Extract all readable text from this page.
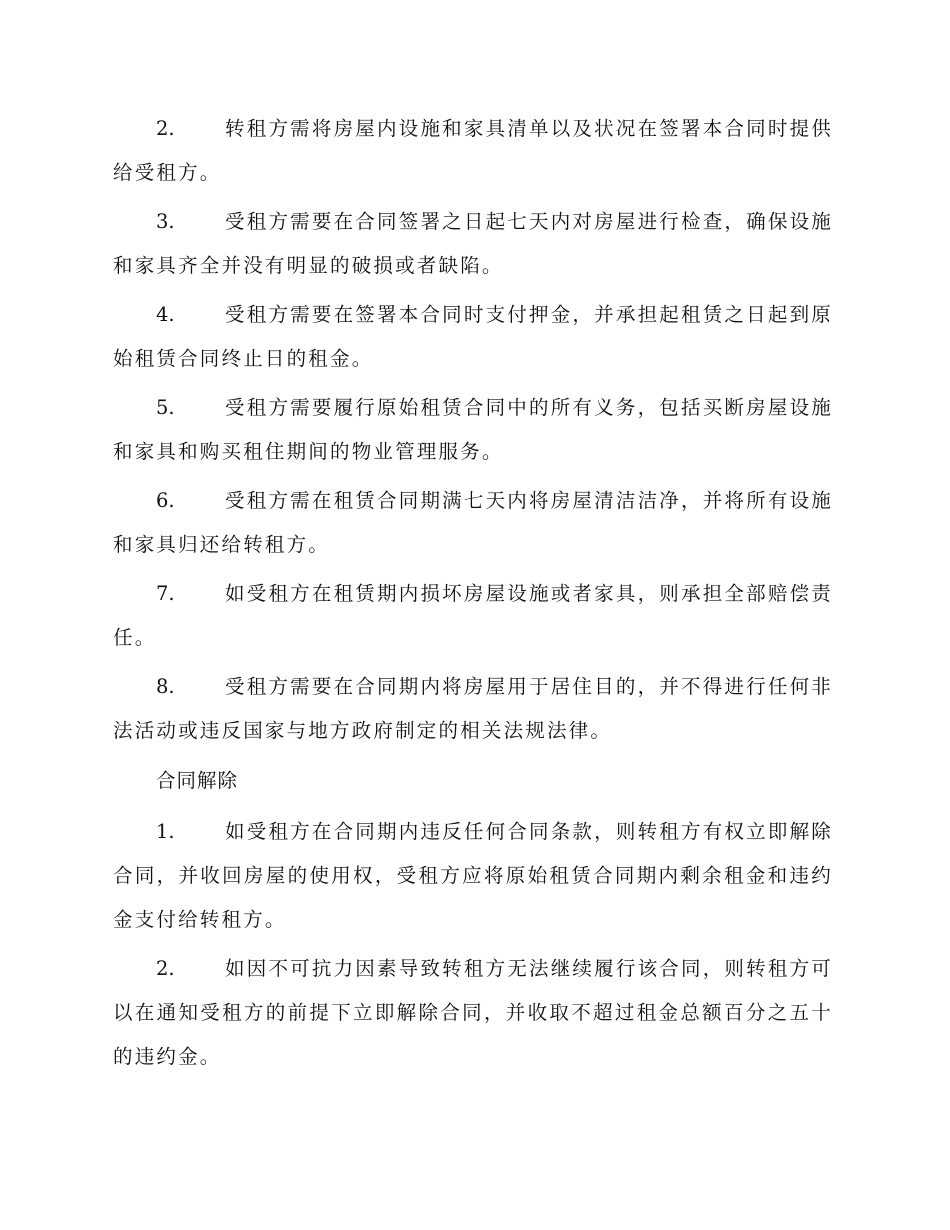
2.	转租方需将房屋内设施和家具清单以及状况在签署本合同时提供给受租方。

3.	受租方需要在合同签署之日起七天内对房屋进行检查，确保设施和家具齐全并没有明显的破损或者缺陷。

4.	受租方需要在签署本合同时支付押金，并承担起租赁之日起到原始租赁合同终止日的租金。

5.	受租方需要履行原始租赁合同中的所有义务，包括买断房屋设施和家具和购买租住期间的物业管理服务。

6.	受租方需在租赁合同期满七天内将房屋清洁洁净，并将所有设施和家具归还给转租方。

7.	如受租方在租赁期内损坏房屋设施或者家具，则承担全部赔偿责任。

8.	受租方需要在合同期内将房屋用于居住目的，并不得进行任何非法活动或违反国家与地方政府制定的相关法规法律。

合同解除

1.	如受租方在合同期内违反任何合同条款，则转租方有权立即解除合同，并收回房屋的使用权，受租方应将原始租赁合同期内剩余租金和违约金支付给转租方。

2.	如因不可抗力因素导致转租方无法继续履行该合同，则转租方可以在通知受租方的前提下立即解除合同，并收取不超过租金总额百分之五十的违约金。
